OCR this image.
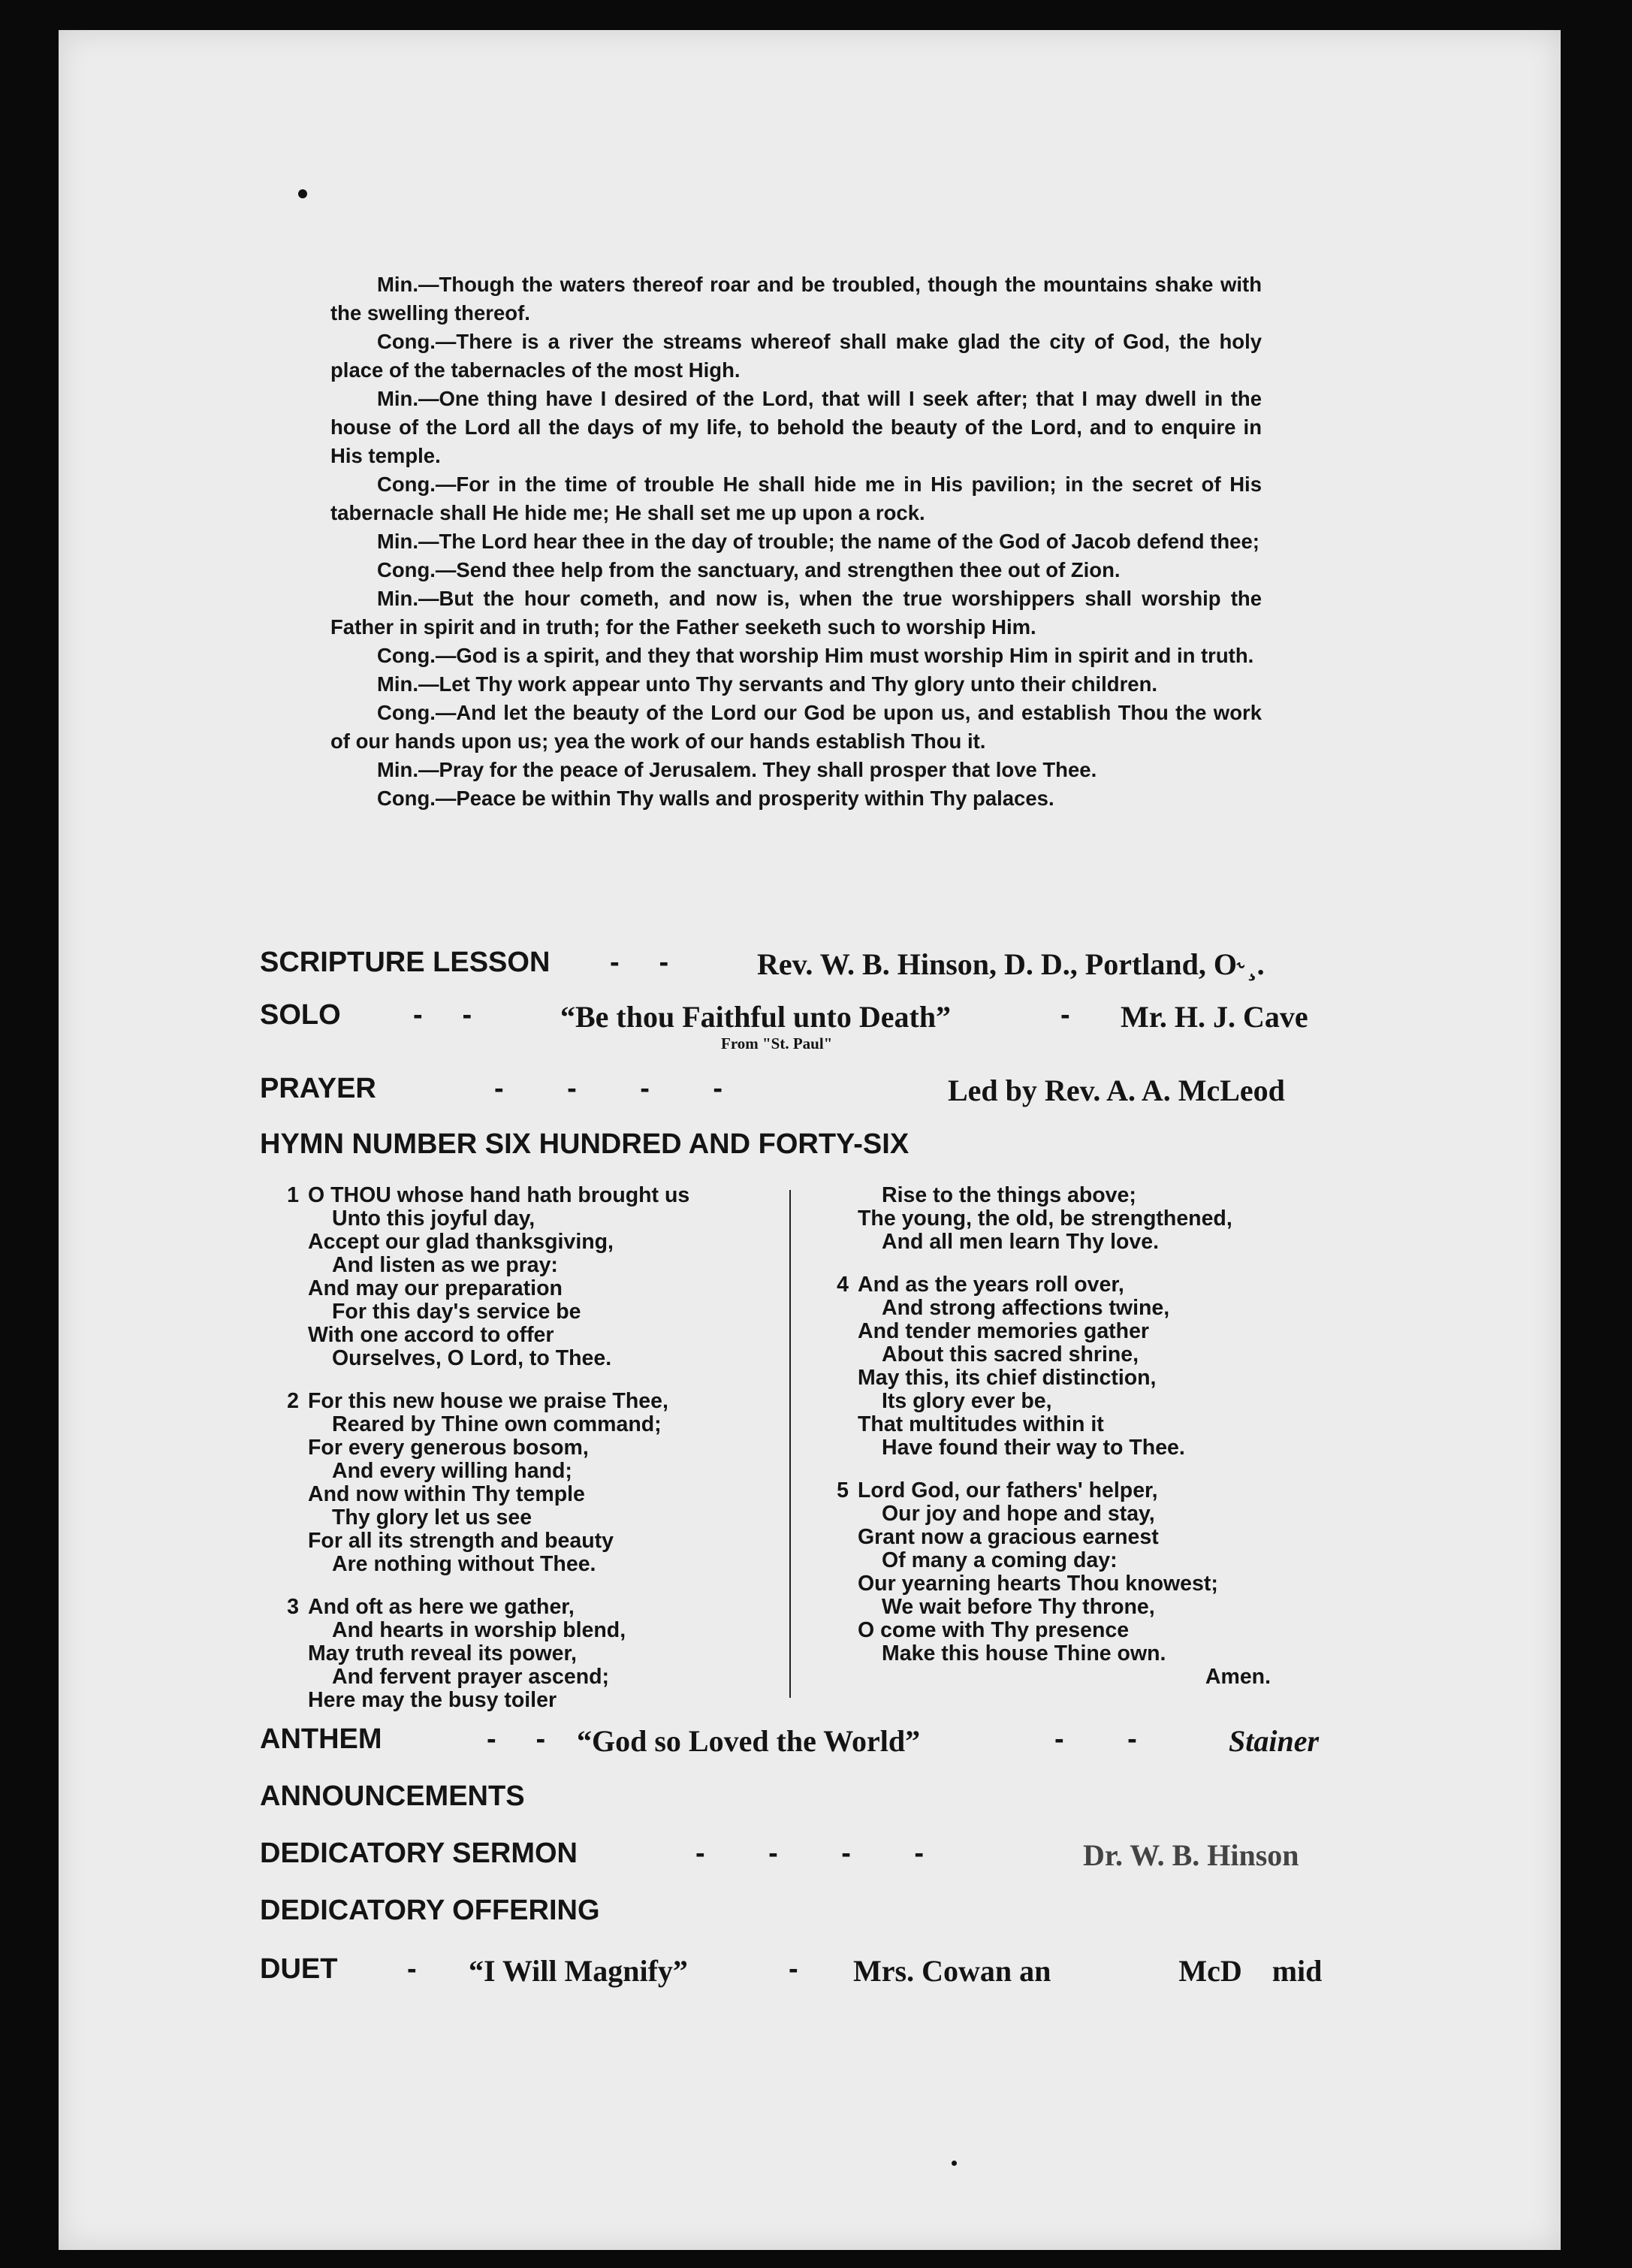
Min.—Though the waters thereof roar and be troubled, though the mountains shake with the swelling thereof.

Cong.—There is a river the streams whereof shall make glad the city of God, the holy place of the tabernacles of the most High.

Min.—One thing have I desired of the Lord, that will I seek after; that I may dwell in the house of the Lord all the days of my life, to behold the beauty of the Lord, and to enquire in His temple.

Cong.—For in the time of trouble He shall hide me in His pavilion; in the secret of His tabernacle shall He hide me; He shall set me up upon a rock.

Min.—The Lord hear thee in the day of trouble; the name of the God of Jacob defend thee;

Cong.—Send thee help from the sanctuary, and strengthen thee out of Zion.

Min.—But the hour cometh, and now is, when the true worshippers shall worship the Father in spirit and in truth; for the Father seeketh such to worship Him.

Cong.—God is a spirit, and they that worship Him must worship Him in spirit and in truth.

Min.—Let Thy work appear unto Thy servants and Thy glory unto their children.

Cong.—And let the beauty of the Lord our God be upon us, and establish Thou the work of our hands upon us; yea the work of our hands establish Thou it.

Min.—Pray for the peace of Jerusalem. They shall prosper that love Thee.

Cong.—Peace be within Thy walls and prosperity within Thy palaces.

SCRIPTURE LESSON -     -	Rev. W. B. Hinson, D. D., Portland, O˞¸.
SOLO	-     -	“Be thou Faithful unto Death”	- Mr. H. J. Cave
From "St. Paul"
PRAYER	-        -        -        -	Led by Rev. A. A. McLeod
HYMN NUMBER SIX HUNDRED AND FORTY-SIX
1 O THOU whose hand hath brought us
Unto this joyful day,
Accept our glad thanksgiving,
And listen as we pray:
And may our preparation
For this day's service be
With one accord to offer
Ourselves, O Lord, to Thee.
2 For this new house we praise Thee,
Reared by Thine own command;
For every generous bosom,
And every willing hand;
And now within Thy temple
Thy glory let us see
For all its strength and beauty
Are nothing without Thee.
3 And oft as here we gather,
And hearts in worship blend,
May truth reveal its power,
And fervent prayer ascend;
Here may the busy toiler
Rise to the things above;
The young, the old, be strengthened,
And all men learn Thy love.
4 And as the years roll over,
And strong affections twine,
And tender memories gather
About this sacred shrine,
May this, its chief distinction,
Its glory ever be,
That multitudes within it
Have found their way to Thee.
5 Lord God, our fathers' helper,
Our joy and hope and stay,
Grant now a gracious earnest
Of many a coming day:
Our yearning hearts Thou knowest;
We wait before Thy throne,
O come with Thy presence
Make this house Thine own.
Amen.
ANTHEM	-     - “God so Loved the World”	-        -	Stainer
ANNOUNCEMENTS
DEDICATORY SERMON	-        -        -        -	Dr. W. B. Hinson
DEDICATORY OFFERING
DUET - “I Will Magnify”	- Mrs. Cowan an                 McD    mid
